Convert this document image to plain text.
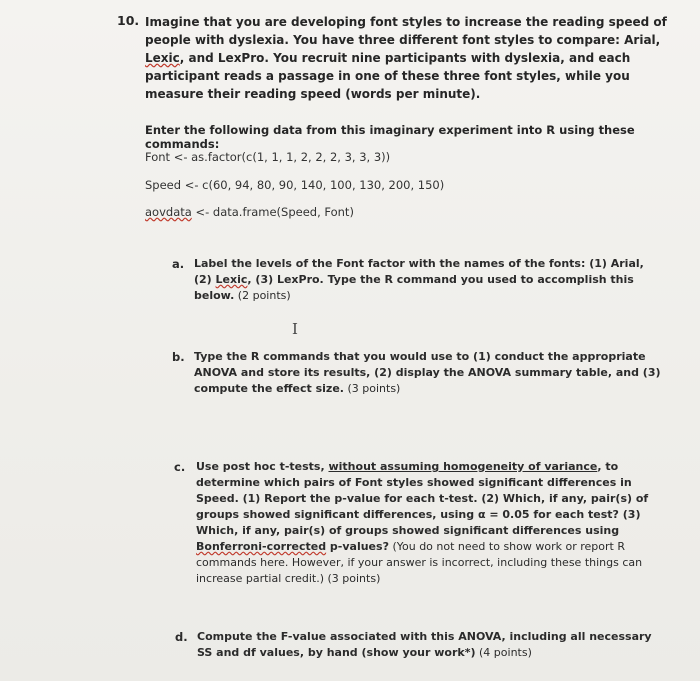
10. Imagine that you are developing font styles to increase the reading speed of people with dyslexia. You have three different font styles to compare: Arial, Lexic, and LexPro. You recruit nine participants with dyslexia, and each participant reads a passage in one of these three font styles, while you measure their reading speed (words per minute).
Enter the following data from this imaginary experiment into R using these commands:
Font <- as.factor(c(1, 1, 1, 2, 2, 2, 3, 3, 3))
Speed <- c(60, 94, 80, 90, 140, 100, 130, 200, 150)
aovdata <- data.frame(Speed, Font)
a. Label the levels of the Font factor with the names of the fonts: (1) Arial, (2) Lexic, (3) LexPro. Type the R command you used to accomplish this below. (2 points)
I
b. Type the R commands that you would use to (1) conduct the appropriate ANOVA and store its results, (2) display the ANOVA summary table, and (3) compute the effect size. (3 points)
c. Use post hoc t-tests, without assuming homogeneity of variance, to determine which pairs of Font styles showed significant differences in Speed. (1) Report the p-value for each t-test. (2) Which, if any, pair(s) of groups showed significant differences, using α = 0.05 for each test? (3) Which, if any, pair(s) of groups showed significant differences using Bonferroni-corrected p-values? (You do not need to show work or report R commands here. However, if your answer is incorrect, including these things can increase partial credit.) (3 points)
d. Compute the F-value associated with this ANOVA, including all necessary SS and df values, by hand (show your work*) (4 points)
